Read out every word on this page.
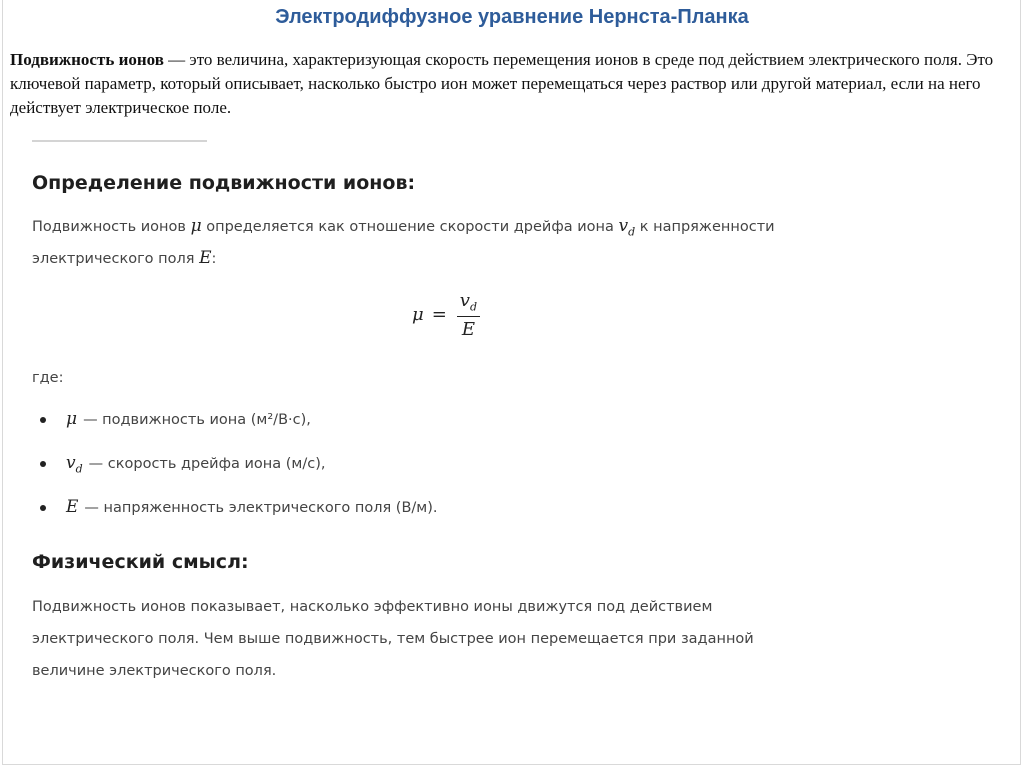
Электродиффузное уравнение Нернста-Планка
Подвижность ионов — это величина, характеризующая скорость перемещения ионов в среде под действием электрического поля. Это ключевой параметр, который описывает, насколько быстро ион может перемещаться через раствор или другой материал, если на него действует электрическое поле.
Определение подвижности ионов:
Подвижность ионов μ определяется как отношение скорости дрейфа иона $v_d$ к напряженности
электрического поля E:
$\mu = \frac{v_d}{E}$
где:
μ — подвижность иона (м²/В·с),
$v_d$ — скорость дрейфа иона (м/с),
E — напряженность электрического поля (В/м).
Физический смысл:
Подвижность ионов показывает, насколько эффективно ионы движутся под действием
электрического поля. Чем выше подвижность, тем быстрее ион перемещается при заданной
величине электрического поля.
